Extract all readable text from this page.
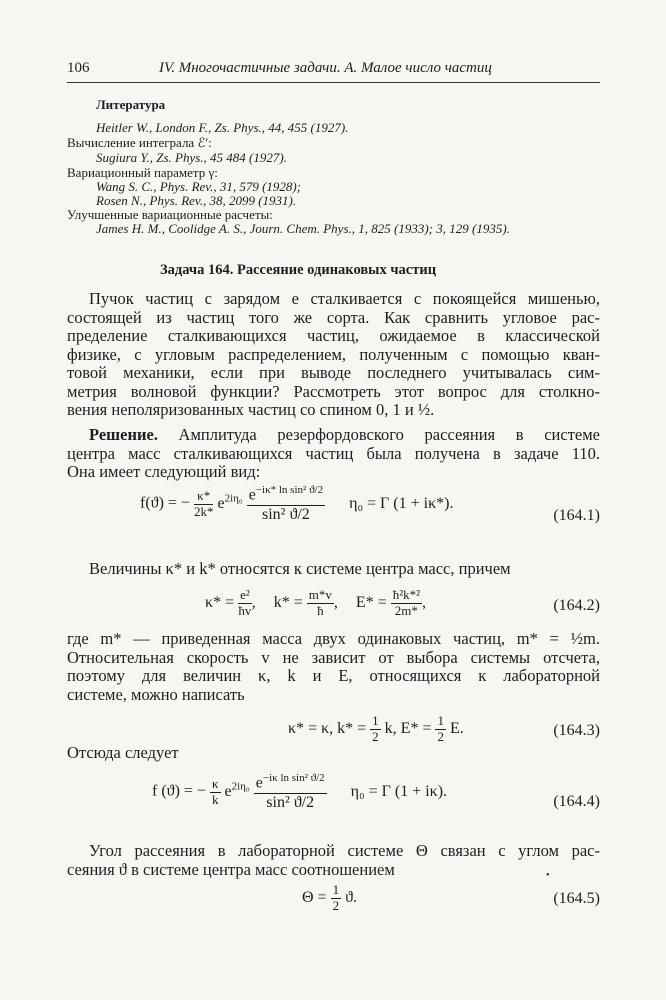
106	IV. Многочастичные задачи. А. Малое число частиц
Литература
Heitler W., London F., Zs. Phys., 44, 455 (1927).
Вычисление интеграла ℰ′:
Sugiura Y., Zs. Phys., 45 484 (1927).
Вариационный параметр γ:
Wang S. C., Phys. Rev., 31, 579 (1928);
Rosen N., Phys. Rev., 38, 2099 (1931).
Улучшенные вариационные расчеты:
James H. M., Coolidge A. S., Journ. Chem. Phys., 1, 825 (1933); 3, 129 (1935).
Задача 164. Рассеяние одинаковых частиц
Пучок частиц с зарядом e сталкивается с покоящейся мишенью,
состоящей из частиц того же сорта. Как сравнить угловое рас-
пределение сталкивающихся частиц, ожидаемое в классической
физике, с угловым распределением, полученным с помощью кван-
товой механики, если при выводе последнего учитывалась сим-
метрия волновой функции? Рассмотреть этот вопрос для столкно-
вения неполяризованных частиц со спином 0, 1 и ½.
Решение. Амплитуда резерфордовского рассеяния в системе
центра масс сталкивающихся частиц была получена в задаче 110.
Она имеет следующий вид:
f(ϑ) = − $\frac{\kappa*}{2k*} e^{2i\eta_0} \frac{e^{-i\kappa* ln sin^2 ϑ/2}}{\text{sin² ϑ/2}} \eta_0 = \Gamma$ (1 + iκ*).
(164.1)
Величины κ* и k* относятся к системе центра масс, причем
$\kappa* = \frac{\text{e²}}{ħv}$ , $k* = \frac{m*v}{ħ}$ , $E* = \frac{\text{ħ²k*²}}{2m*}$ ,	(164.2)
где m* — приведенная масса двух одинаковых частиц, m* = ½m.
Относительная скорость v не зависит от выбора системы отсчета,
поэтому для величин κ, k и E, относящихся к лабораторной
системе, можно написать
κ* = κ, $k* = \frac{1}{2} k$, $E* = \frac{1}{2} E$.	(164.3)
Отсюда следует
f (ϑ) = − $\frac{\kappa}{k} e^{2i\eta_0} \frac{e^{-i\kappa ln sin^2 ϑ/2}}{\text{sin² ϑ/2}} \eta_0 = \Gamma$ (1 + iκ).
(164.4)
Угол рассеяния в лабораторной системе Θ связан с углом рас-
сеяния ϑ в системе центра масс соотношением	•
$\Theta = \frac{1}{2} ϑ$.	(164.5)
